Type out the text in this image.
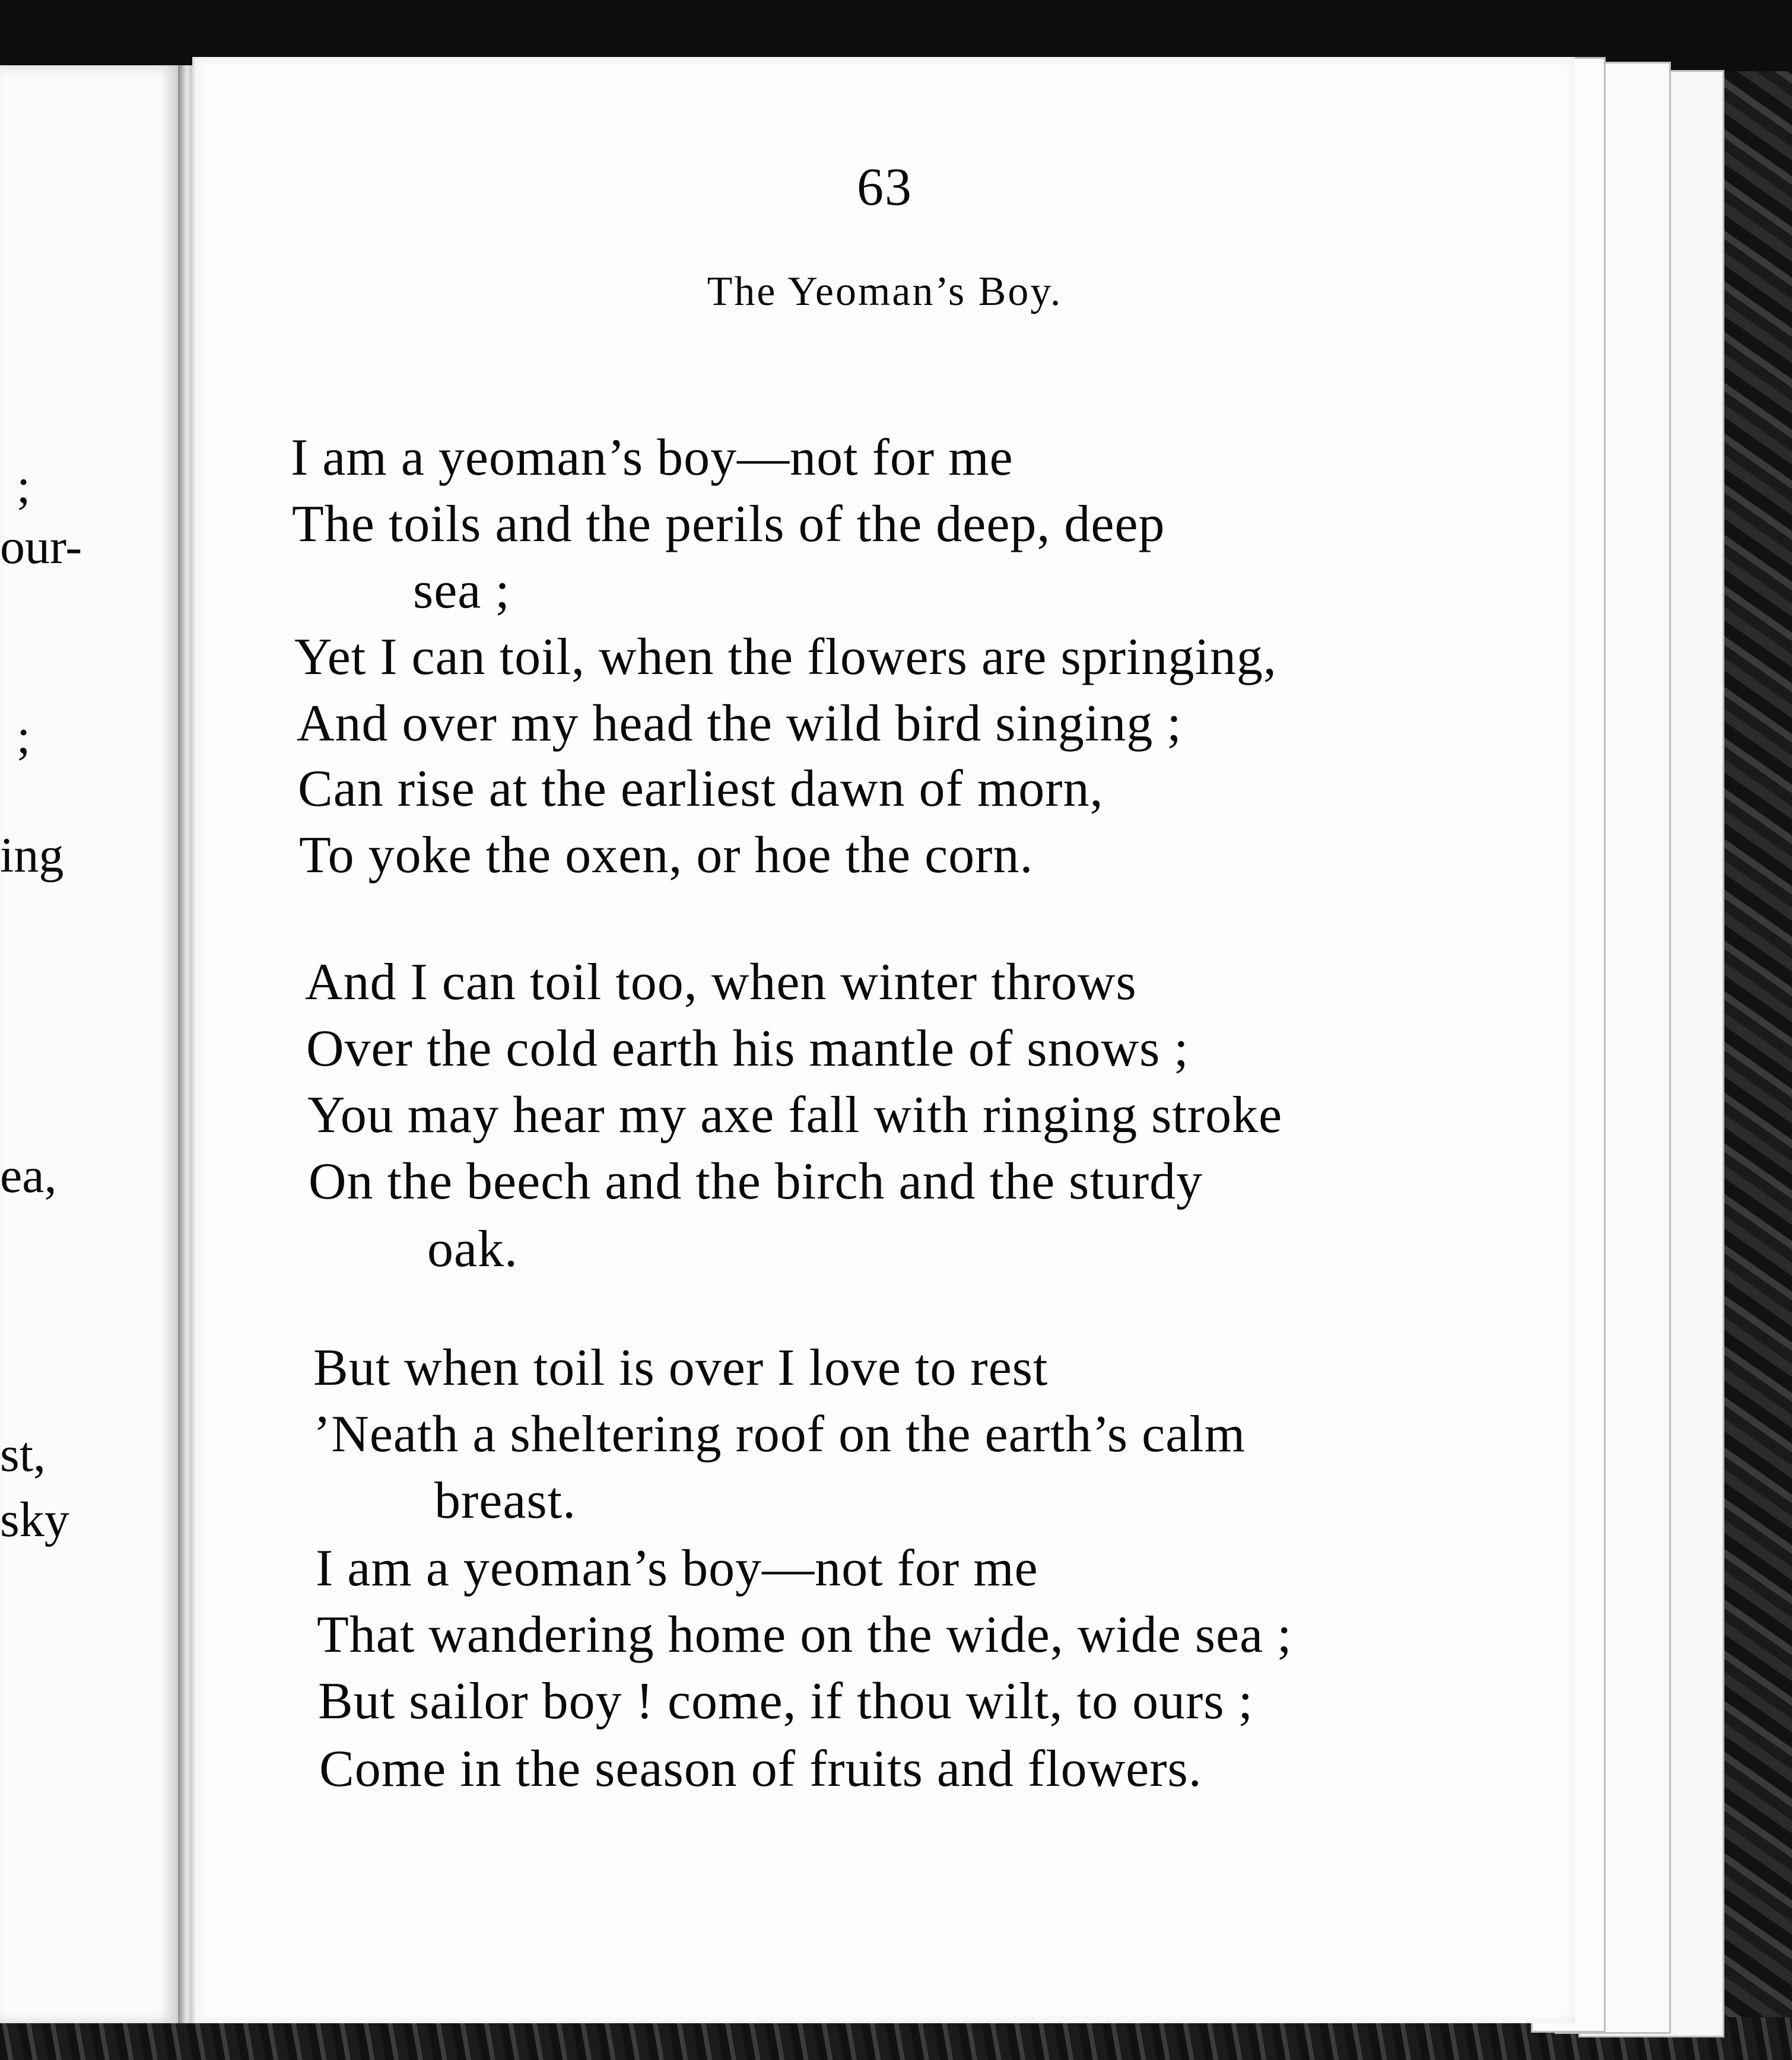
;
our-
;
ing
ea,
st,
sky
63
The Yeoman’s Boy.
I am a yeoman’s boy—not for me
The toils and the perils of the deep, deep
sea ;
Yet I can toil, when the flowers are springing,
And over my head the wild bird singing ;
Can rise at the earliest dawn of morn,
To yoke the oxen, or hoe the corn.
And I can toil too, when winter throws
Over the cold earth his mantle of snows ;
You may hear my axe fall with ringing stroke
On the beech and the birch and the sturdy
oak.
But when toil is over I love to rest
’Neath a sheltering roof on the earth’s calm
breast.
I am a yeoman’s boy—not for me
That wandering home on the wide, wide sea ;
But sailor boy ! come, if thou wilt, to ours ;
Come in the season of fruits and flowers.
